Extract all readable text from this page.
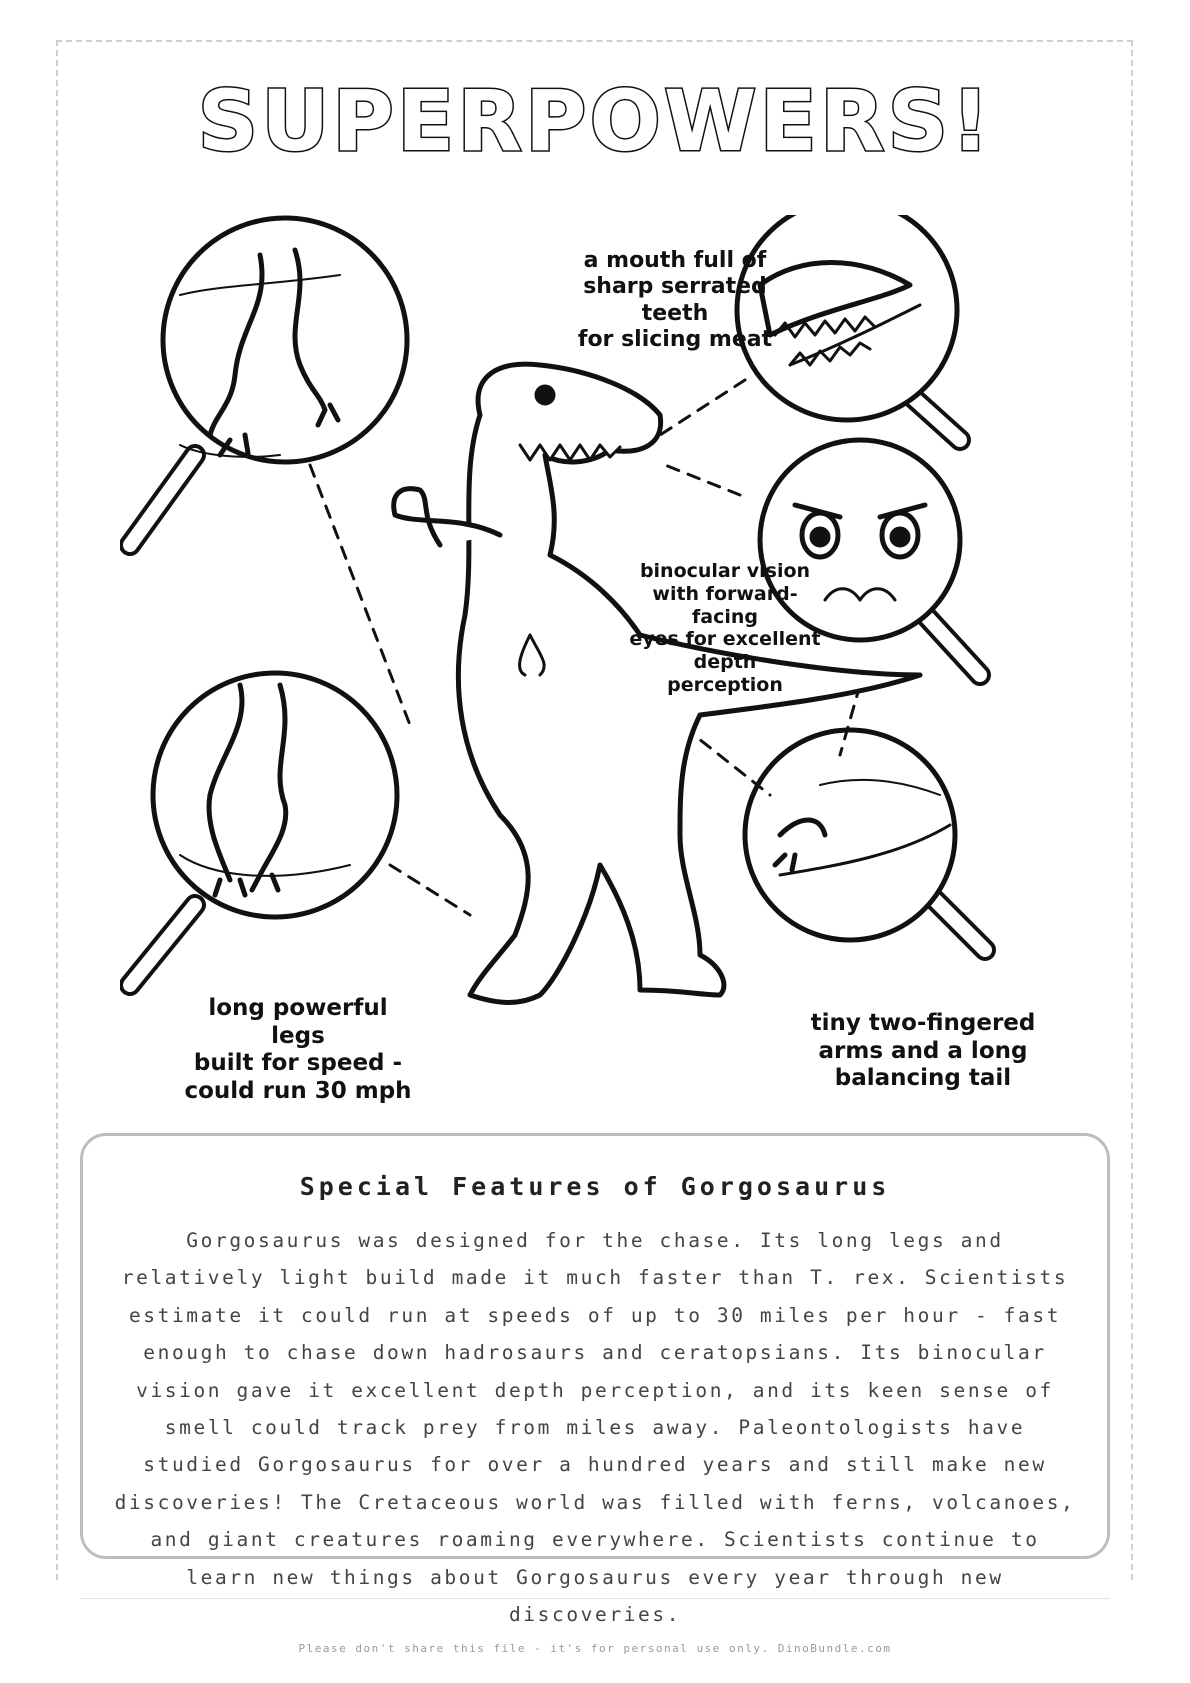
SUPERPOWERS!
a mouth full of
sharp serrated teeth
for slicing meat
binocular vision
with forward-facing
eyes for excellent
depth
perception
long powerful legs
built for speed -
could run 30 mph
tiny two-fingered
arms and a long
balancing tail
Special Features of Gorgosaurus
Gorgosaurus was designed for the chase. Its long legs and relatively light build made it much faster than T. rex. Scientists estimate it could run at speeds of up to 30 miles per hour - fast enough to chase down hadrosaurs and ceratopsians. Its binocular vision gave it excellent depth perception, and its keen sense of smell could track prey from miles away. Paleontologists have studied Gorgosaurus for over a hundred years and still make new discoveries! The Cretaceous world was filled with ferns, volcanoes, and giant creatures roaming everywhere. Scientists continue to learn new things about Gorgosaurus every year through new discoveries.
Please don't share this file - it's for personal use only. DinoBundle.com
